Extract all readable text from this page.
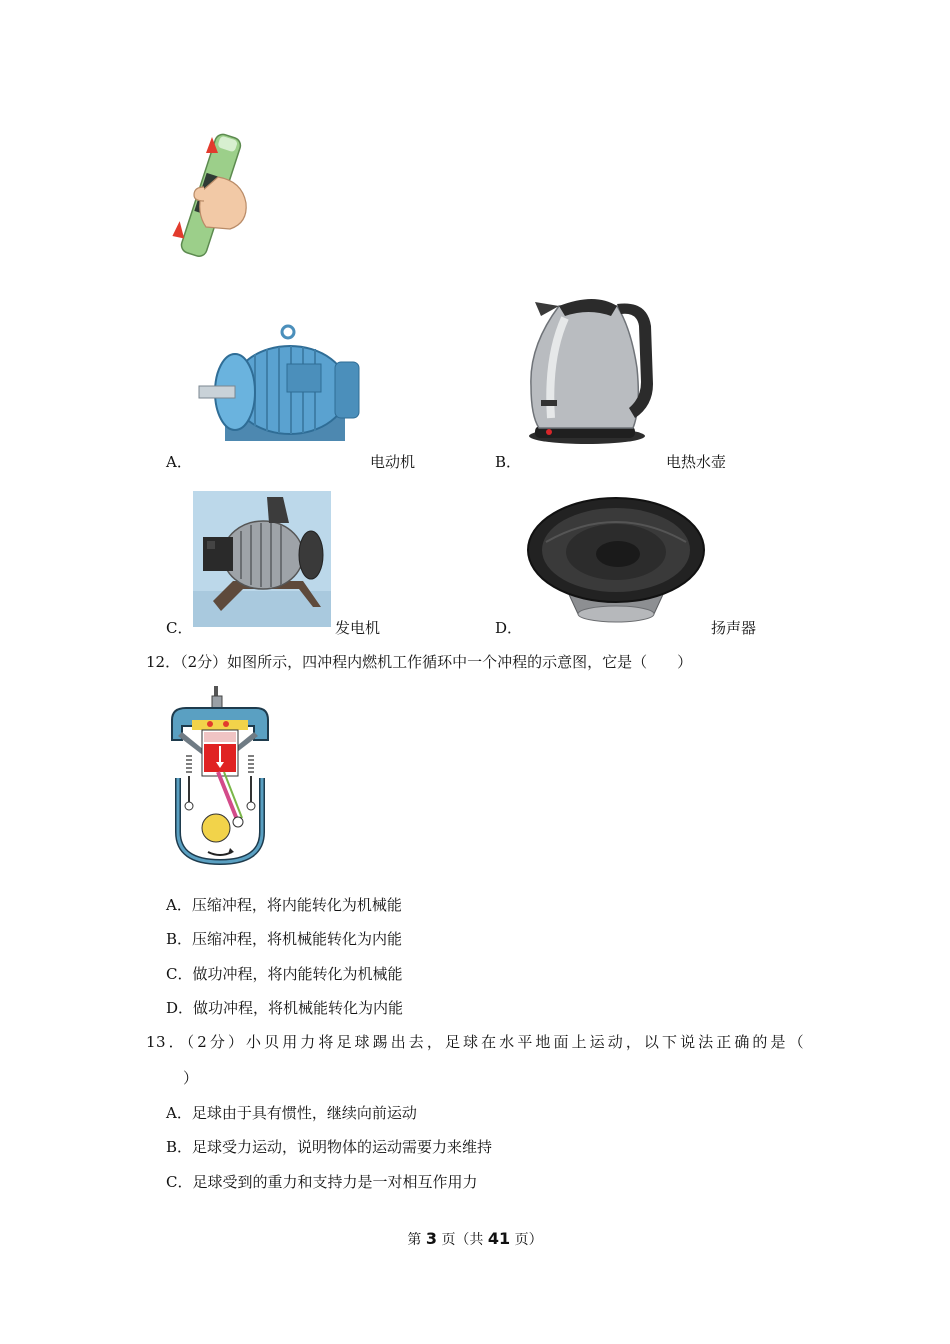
A．	电动机	B．	电热水壶
C．	发电机	D．	扬声器
12．（2分）如图所示，四冲程内燃机工作循环中一个冲程的示意图，它是（　　）
A．压缩冲程，将内能转化为机械能
B．压缩冲程，将机械能转化为内能
C．做功冲程，将内能转化为机械能
D．做功冲程，将机械能转化为内能
13．（2分）小贝用力将足球踢出去，足球在水平地面上运动，以下说法正确的是（
）
A．足球由于具有惯性，继续向前运动
B．足球受力运动，说明物体的运动需要力来维持
C．足球受到的重力和支持力是一对相互作用力
第 3 页（共 41 页）
